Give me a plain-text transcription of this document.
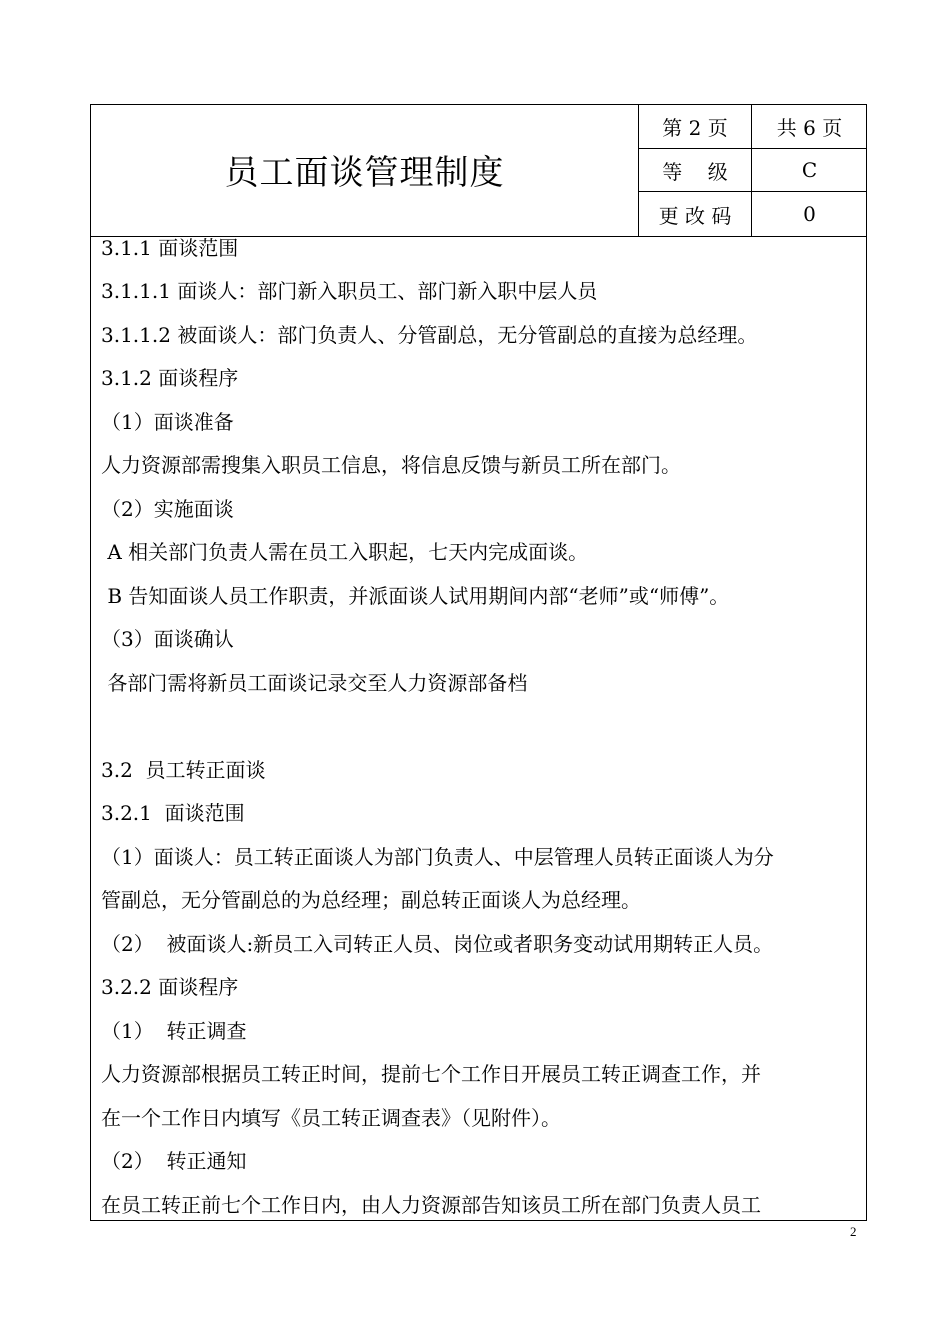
员工面谈管理制度
第 2 页	共 6 页
等    级	C
更 改 码	0
3.1.1 面谈范围
3.1.1.1 面谈人：部门新入职员工、部门新入职中层人员
3.1.1.2 被面谈人：部门负责人、分管副总，无分管副总的直接为总经理。
3.1.2 面谈程序
（1）面谈准备
人力资源部需搜集入职员工信息，将信息反馈与新员工所在部门。
（2）实施面谈
A 相关部门负责人需在员工入职起，七天内完成面谈。
B 告知面谈人员工作职责，并派面谈人试用期间内部“老师”或“师傅”。
（3）面谈确认
各部门需将新员工面谈记录交至人力资源部备档
3.2  员工转正面谈
3.2.1  面谈范围
（1）面谈人：员工转正面谈人为部门负责人、中层管理人员转正面谈人为分
管副总，无分管副总的为总经理；副总转正面谈人为总经理。
（2）  被面谈人:新员工入司转正人员、岗位或者职务变动试用期转正人员。
3.2.2 面谈程序
（1）  转正调查
人力资源部根据员工转正时间，提前七个工作日开展员工转正调查工作，并
在一个工作日内填写《员工转正调查表》（见附件）。
（2）  转正通知
在员工转正前七个工作日内，由人力资源部告知该员工所在部门负责人员工
2
